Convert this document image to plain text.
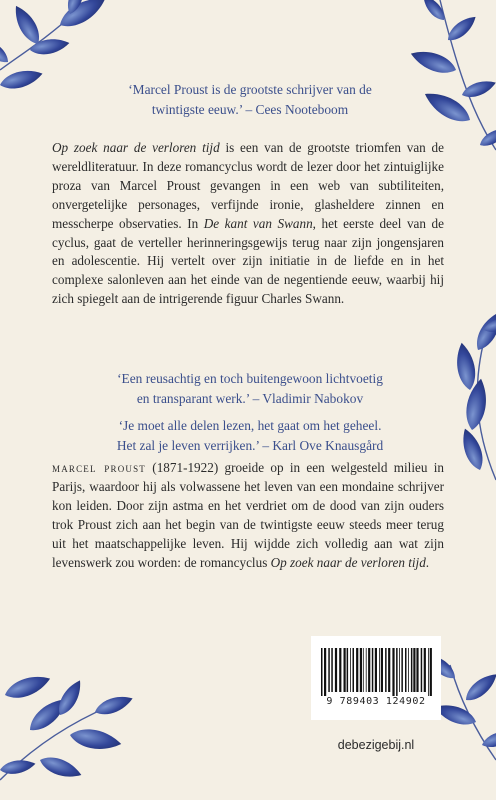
‘Marcel Proust is de grootste schrijver van de
twintigste eeuw.’ – Cees Nooteboom

Op zoek naar de verloren tijd is een van de grootste triomfen van de wereldliteratuur. In deze romancyclus wordt de lezer door het zintuiglijke proza van Marcel Proust gevangen in een web van subtiliteiten, onvergetelijke personages, verfijnde ironie, glasheldere zinnen en messcherpe observaties. In De kant van Swann, het eerste deel van de cyclus, gaat de verteller herinneringsgewijs terug naar zijn jongensjaren en adolescentie. Hij vertelt over zijn initiatie in de liefde en in het complexe salonleven aan het einde van de negentiende eeuw, waarbij hij zich spiegelt aan de intrigerende figuur Charles Swann.

‘Een reusachtig en toch buitengewoon lichtvoetig
en transparant werk.’ – Vladimir Nabokov
‘Je moet alle delen lezen, het gaat om het geheel.
Het zal je leven verrijken.’ – Karl Ove Knausgård

marcel proust (1871-1922) groeide op in een welgesteld milieu in Parijs, waardoor hij als volwassene het leven van een mondaine schrijver kon leiden. Door zijn astma en het verdriet om de dood van zijn ouders trok Proust zich aan het begin van de twintigste eeuw steeds meer terug uit het maatschappelijke leven. Hij wijdde zich volledig aan wat zijn levenswerk zou worden: de romancyclus Op zoek naar de verloren tijd.

9 789403 124902
debezigebij.nl
